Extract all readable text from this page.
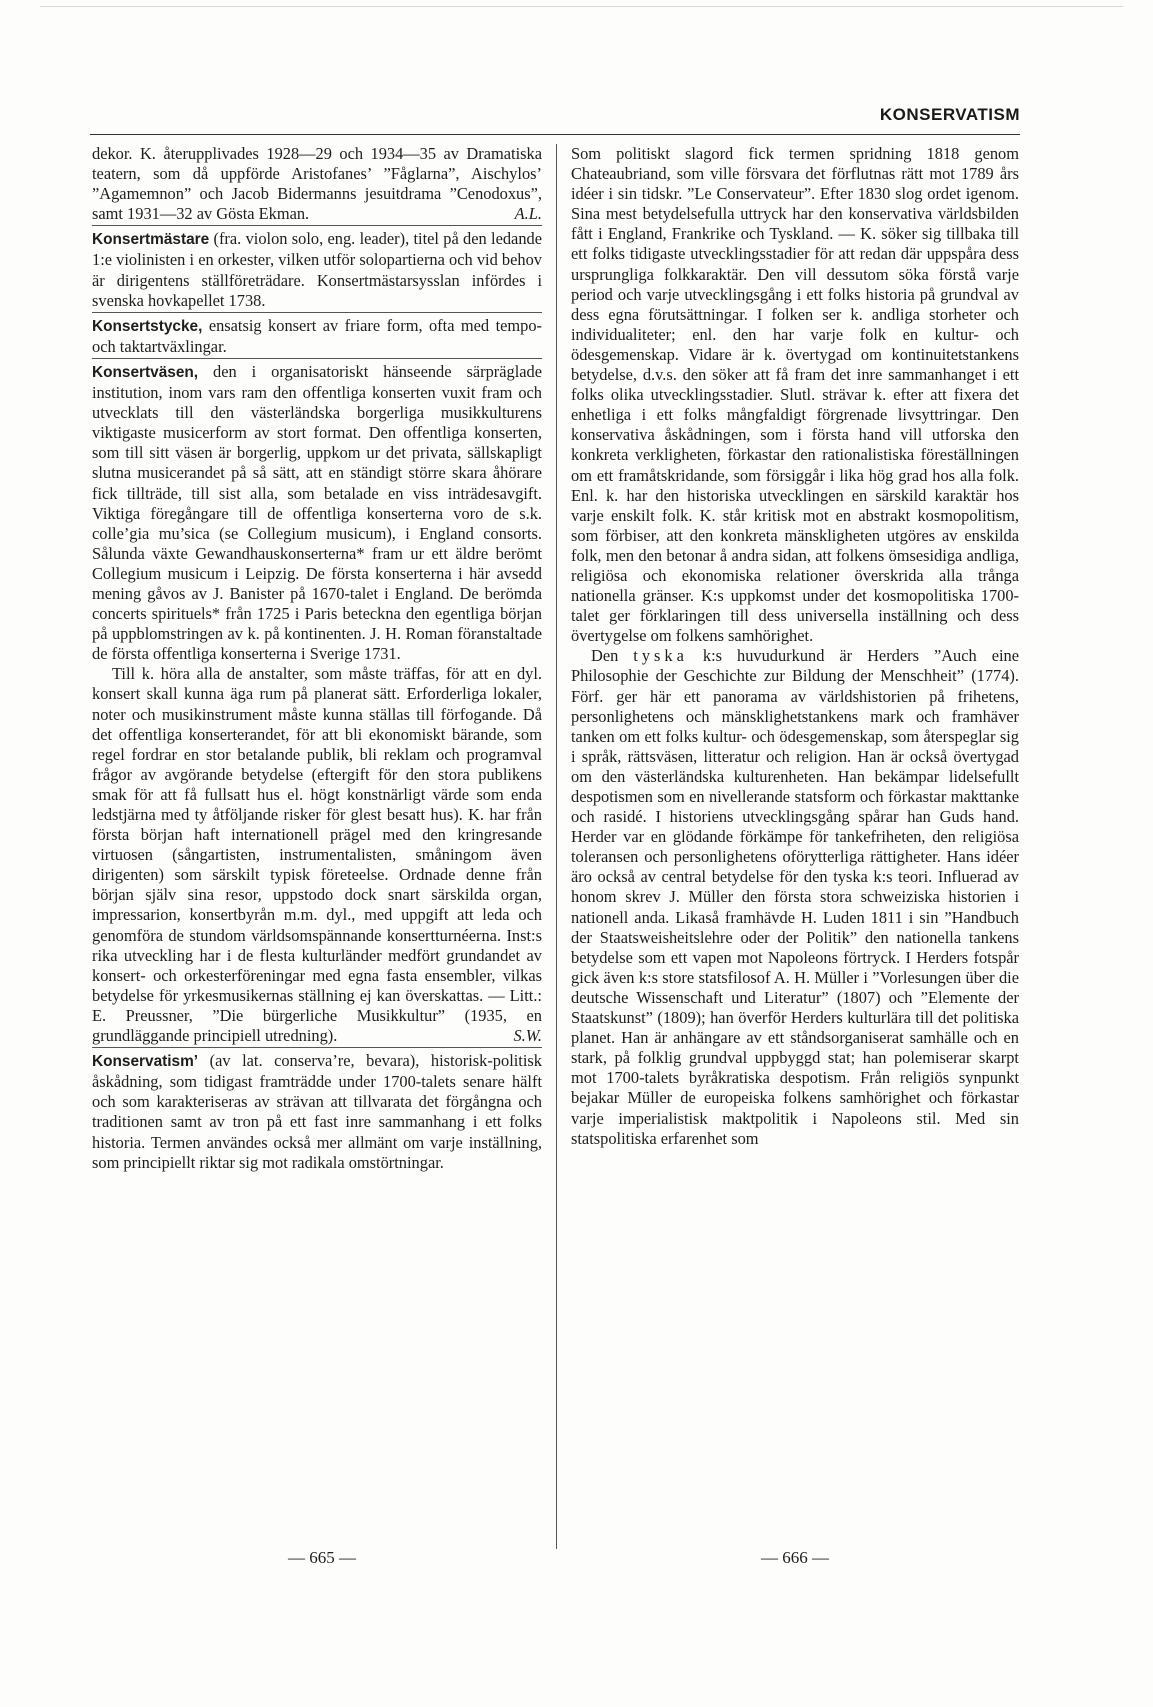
KONSERVATISM

dekor. K. återupplivades 1928—29 och 1934—35 av Dramatiska teatern, som då uppförde Aristofanes’ ”Fåglarna”, Aischylos’ ”Agamemnon” och Jacob Bidermanns jesuitdrama ”Cenodoxus”, samt 1931—32 av Gösta Ekman.	A.L.

Konsertmästare (fra. violon solo, eng. leader), titel på den ledande 1:e violinisten i en orkester, vilken utför solopartierna och vid behov är dirigentens ställföreträdare. Konsertmästarsysslan infördes i svenska hovkapellet 1738.

Konsertstycke, ensatsig konsert av friare form, ofta med tempo- och taktartväxlingar.

Konsertväsen, den i organisatoriskt hänseende särpräglade institution, inom vars ram den offentliga konserten vuxit fram och utvecklats till den västerländska borgerliga musikkulturens viktigaste musicerform av stort format. Den offentliga konserten, som till sitt väsen är borgerlig, uppkom ur det privata, sällskapligt slutna musicerandet på så sätt, att en ständigt större skara åhörare fick tillträde, till sist alla, som betalade en viss inträdesavgift. Viktiga föregångare till de offentliga konserterna voro de s.k. colle’gia mu’sica (se Collegium musicum), i England consorts. Sålunda växte Gewandhauskonserterna* fram ur ett äldre berömt Collegium musicum i Leipzig. De första konserterna i här avsedd mening gåvos av J. Banister på 1670-talet i England. De berömda concerts spirituels* från 1725 i Paris beteckna den egentliga början på uppblomstringen av k. på kontinenten. J. H. Roman föranstaltade de första offentliga konserterna i Sverige 1731.

Till k. höra alla de anstalter, som måste träffas, för att en dyl. konsert skall kunna äga rum på planerat sätt. Erforderliga lokaler, noter och musikinstrument måste kunna ställas till förfogande. Då det offentliga konserterandet, för att bli ekonomiskt bärande, som regel fordrar en stor betalande publik, bli reklam och programval frågor av avgörande betydelse (eftergift för den stora publikens smak för att få fullsatt hus el. högt konstnärligt värde som enda ledstjärna med ty åtföljande risker för glest besatt hus). K. har från första början haft internationell prägel med den kringresande virtuosen (sångartisten, instrumentalisten, småningom även dirigenten) som särskilt typisk företeelse. Ordnade denne från början själv sina resor, uppstodo dock snart särskilda organ, impressarion, konsertbyrån m.m. dyl., med uppgift att leda och genomföra de stundom världsomspännande konsertturnéerna. Inst:s rika utveckling har i de flesta kulturländer medfört grundandet av konsert- och orkesterföreningar med egna fasta ensembler, vilkas betydelse för yrkesmusikernas ställning ej kan överskattas. — Litt.: E. Preussner, ”Die bürgerliche Musikkultur” (1935, en grundläggande principiell utredning).	S.W.

Konservatism’ (av lat. conserva’re, bevara), historisk-politisk åskådning, som tidigast framträdde under 1700-talets senare hälft och som karakteriseras av strävan att tillvarata det förgångna och traditionen samt av tron på ett fast inre sammanhang i ett folks historia. Termen användes också mer allmänt om varje inställning, som principiellt riktar sig mot radikala omstörtningar.

Som politiskt slagord fick termen spridning 1818 genom Chateaubriand, som ville försvara det förflutnas rätt mot 1789 års idéer i sin tidskr. ”Le Conservateur”. Efter 1830 slog ordet igenom. Sina mest betydelsefulla uttryck har den konservativa världsbilden fått i England, Frankrike och Tyskland. — K. söker sig tillbaka till ett folks tidigaste utvecklingsstadier för att redan där uppspåra dess ursprungliga folkkaraktär. Den vill dessutom söka förstå varje period och varje utvecklingsgång i ett folks historia på grundval av dess egna förutsättningar. I folken ser k. andliga storheter och individualiteter; enl. den har varje folk en kultur- och ödesgemenskap. Vidare är k. övertygad om kontinuitetstankens betydelse, d.v.s. den söker att få fram det inre sammanhanget i ett folks olika utvecklingsstadier. Slutl. strävar k. efter att fixera det enhetliga i ett folks mångfaldigt förgrenade livsyttringar. Den konservativa åskådningen, som i första hand vill utforska den konkreta verkligheten, förkastar den rationalistiska föreställningen om ett framåtskridande, som försiggår i lika hög grad hos alla folk. Enl. k. har den historiska utvecklingen en särskild karaktär hos varje enskilt folk. K. står kritisk mot en abstrakt kosmopolitism, som förbiser, att den konkreta mänskligheten utgöres av enskilda folk, men den betonar å andra sidan, att folkens ömsesidiga andliga, religiösa och ekonomiska relationer överskrida alla trånga nationella gränser. K:s uppkomst under det kosmopolitiska 1700-talet ger förklaringen till dess universella inställning och dess övertygelse om folkens samhörighet.

Den tyska k:s huvudurkund är Herders ”Auch eine Philosophie der Geschichte zur Bildung der Menschheit” (1774). Förf. ger här ett panorama av världshistorien på frihetens, personlighetens och mänsklighetstankens mark och framhäver tanken om ett folks kultur- och ödesgemenskap, som återspeglar sig i språk, rättsväsen, litteratur och religion. Han är också övertygad om den västerländska kulturenheten. Han bekämpar lidelsefullt despotismen som en nivellerande statsform och förkastar makttanke och rasidé. I historiens utvecklingsgång spårar han Guds hand. Herder var en glödande förkämpe för tankefriheten, den religiösa toleransen och personlighetens oförytterliga rättigheter. Hans idéer äro också av central betydelse för den tyska k:s teori. Influerad av honom skrev J. Müller den första stora schweiziska historien i nationell anda. Likaså framhävde H. Luden 1811 i sin ”Handbuch der Staatsweisheitslehre oder der Politik” den nationella tankens betydelse som ett vapen mot Napoleons förtryck. I Herders fotspår gick även k:s store statsfilosof A. H. Müller i ”Vorlesungen über die deutsche Wissenschaft und Literatur” (1807) och ”Elemente der Staatskunst” (1809); han överför Herders kulturlära till det politiska planet. Han är anhängare av ett ståndsorganiserat samhälle och en stark, på folklig grundval uppbyggd stat; han polemiserar skarpt mot 1700-talets byråkratiska despotism. Från religiös synpunkt bejakar Müller de europeiska folkens samhörighet och förkastar varje imperialistisk maktpolitik i Napoleons stil. Med sin statspolitiska erfarenhet som

— 665 —	— 666 —
